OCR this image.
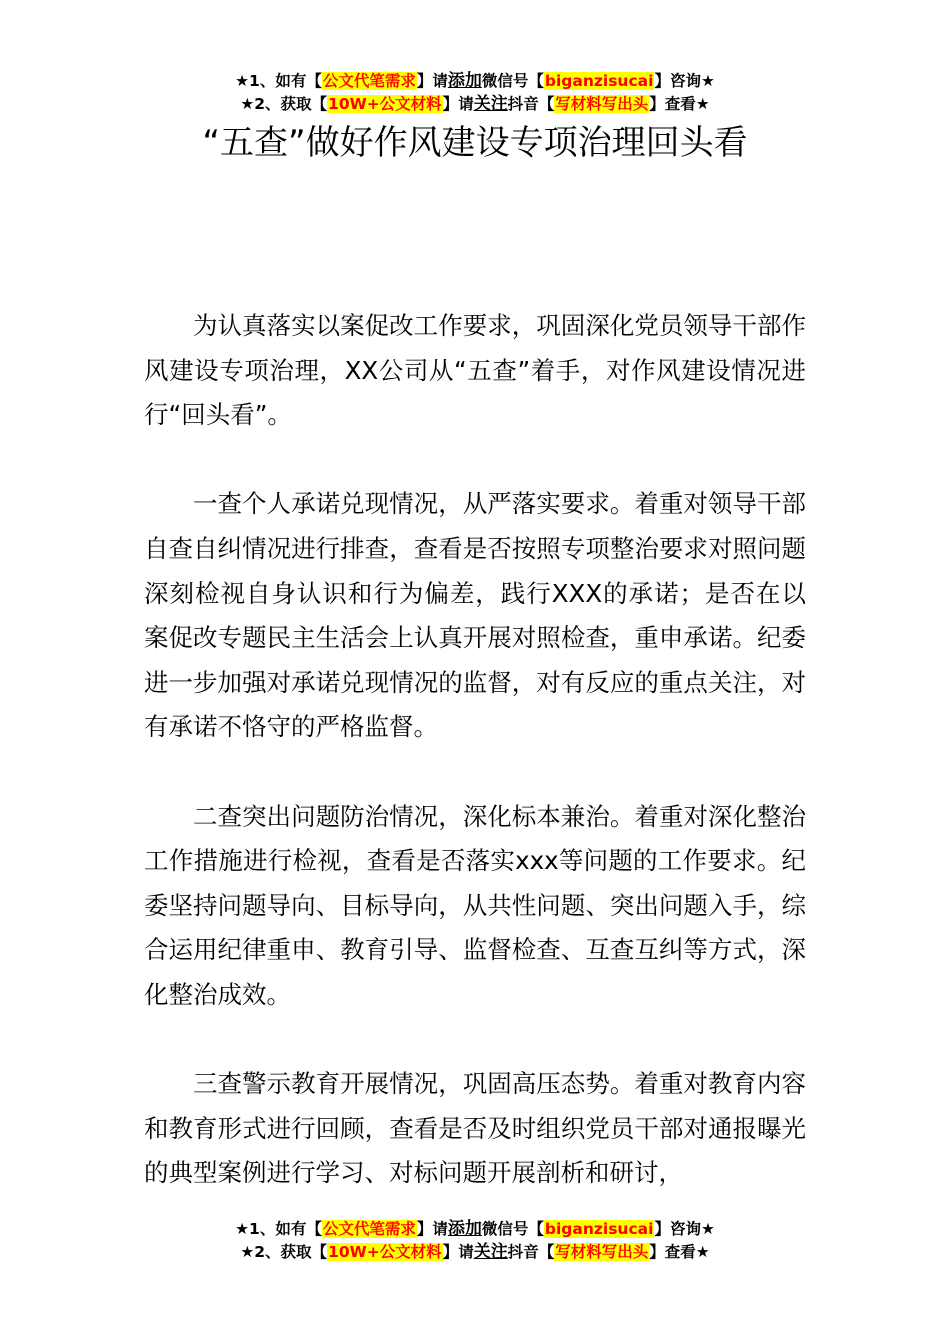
★1、如有【公文代笔需求】请添加微信号【biganzisucai】咨询★
★2、获取【10W+公文材料】请关注抖音【写材料写出头】查看★
“五查”做好作风建设专项治理回头看

为认真落实以案促改工作要求，巩固深化党员领导干部作风建设专项治理，XX公司从“五查”着手，对作风建设情况进行“回头看”。

一查个人承诺兑现情况，从严落实要求。着重对领导干部自查自纠情况进行排查，查看是否按照专项整治要求对照问题深刻检视自身认识和行为偏差，践行XXX的承诺；是否在以案促改专题民主生活会上认真开展对照检查，重申承诺。纪委进一步加强对承诺兑现情况的监督，对有反应的重点关注，对有承诺不恪守的严格监督。

二查突出问题防治情况，深化标本兼治。着重对深化整治工作措施进行检视，查看是否落实xxx等问题的工作要求。纪委坚持问题导向、目标导向，从共性问题、突出问题入手，综合运用纪律重申、教育引导、监督检查、互查互纠等方式，深化整治成效。

三查警示教育开展情况，巩固高压态势。着重对教育内容和教育形式进行回顾，查看是否及时组织党员干部对通报曝光的典型案例进行学习、对标问题开展剖析和研讨，

★1、如有【公文代笔需求】请添加微信号【biganzisucai】咨询★
★2、获取【10W+公文材料】请关注抖音【写材料写出头】查看★
